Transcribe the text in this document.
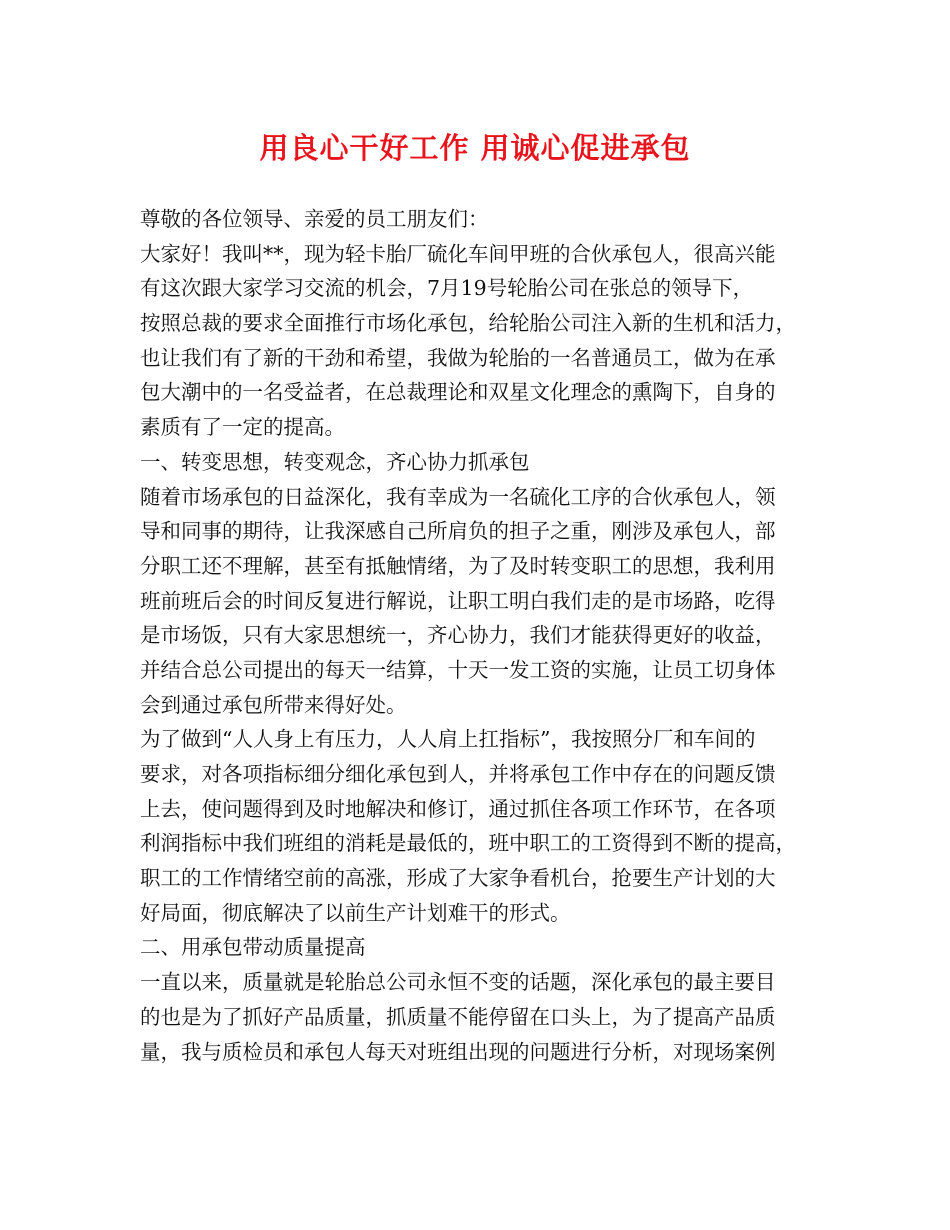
用良心干好工作 用诚心促进承包
尊敬的各位领导、亲爱的员工朋友们：
大家好！我叫**，现为轻卡胎厂硫化车间甲班的合伙承包人，很高兴能
有这次跟大家学习交流的机会，7月19号轮胎公司在张总的领导下，
按照总裁的要求全面推行市场化承包，给轮胎公司注入新的生机和活力，
也让我们有了新的干劲和希望，我做为轮胎的一名普通员工，做为在承
包大潮中的一名受益者，在总裁理论和双星文化理念的熏陶下，自身的
素质有了一定的提高。
一、转变思想，转变观念，齐心协力抓承包
随着市场承包的日益深化，我有幸成为一名硫化工序的合伙承包人，领
导和同事的期待，让我深感自己所肩负的担子之重，刚涉及承包人，部
分职工还不理解，甚至有抵触情绪，为了及时转变职工的思想，我利用
班前班后会的时间反复进行解说，让职工明白我们走的是市场路，吃得
是市场饭，只有大家思想统一，齐心协力，我们才能获得更好的收益，
并结合总公司提出的每天一结算，十天一发工资的实施，让员工切身体
会到通过承包所带来得好处。
为了做到“人人身上有压力，人人肩上扛指标”，我按照分厂和车间的
要求，对各项指标细分细化承包到人，并将承包工作中存在的问题反馈
上去，使问题得到及时地解决和修订，通过抓住各项工作环节，在各项
利润指标中我们班组的消耗是最低的，班中职工的工资得到不断的提高，
职工的工作情绪空前的高涨，形成了大家争看机台，抢要生产计划的大
好局面，彻底解决了以前生产计划难干的形式。
二、用承包带动质量提高
一直以来，质量就是轮胎总公司永恒不变的话题，深化承包的最主要目
的也是为了抓好产品质量，抓质量不能停留在口头上，为了提高产品质
量，我与质检员和承包人每天对班组出现的问题进行分析，对现场案例
